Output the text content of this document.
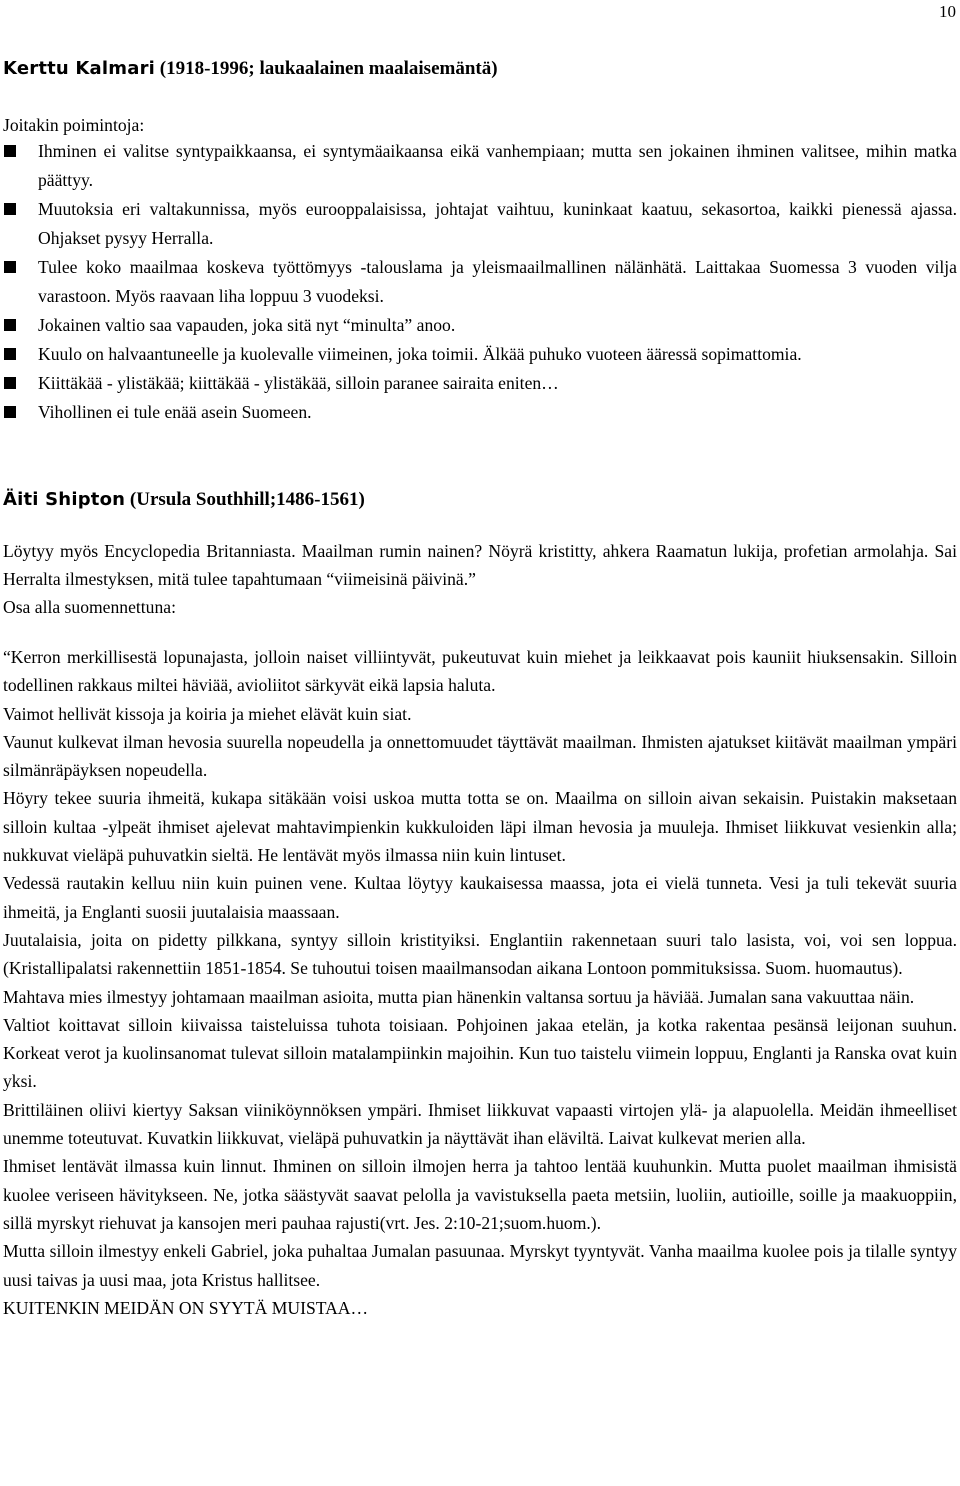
10
Kerttu Kalmari (1918-1996; laukaalainen maalaisemäntä)

Joitakin poimintoja:

Ihminen ei valitse syntypaikkaansa, ei syntymäaikaansa eikä vanhempiaan; mutta sen jokainen ihminen valitsee, mihin matka päättyy.
Muutoksia eri valtakunnissa, myös eurooppalaisissa, johtajat vaihtuu, kuninkaat kaatuu, sekasortoa, kaikki pienessä ajassa. Ohjakset pysyy Herralla.
Tulee koko maailmaa koskeva työttömyys -talouslama ja yleismaailmallinen nälänhätä. Laittakaa Suomessa 3 vuoden vilja varastoon. Myös raavaan liha loppuu 3 vuodeksi.
Jokainen valtio saa vapauden, joka sitä nyt “minulta” anoo.
Kuulo on halvaantuneelle ja kuolevalle viimeinen, joka toimii. Älkää puhuko vuoteen ääressä sopimattomia.
Kiittäkää - ylistäkää; kiittäkää - ylistäkää, silloin paranee sairaita eniten…
Vihollinen ei tule enää asein Suomeen.
Äiti Shipton (Ursula Southhill;1486-1561)

Löytyy myös Encyclopedia Britanniasta. Maailman rumin nainen? Nöyrä kristitty, ahkera Raamatun lukija, profetian armolahja. Sai Herralta ilmestyksen, mitä tulee tapahtumaan “viimeisinä päivinä.”

Osa alla suomennettuna:

“Kerron merkillisestä lopunajasta, jolloin naiset villiintyvät, pukeutuvat kuin miehet ja leikkaavat pois kauniit hiuksensakin. Silloin todellinen rakkaus miltei häviää, avioliitot särkyvät eikä lapsia haluta.

Vaimot hellivät kissoja ja koiria ja miehet elävät kuin siat.

Vaunut kulkevat ilman hevosia suurella nopeudella ja onnettomuudet täyttävät maailman. Ihmisten ajatukset kiitävät maailman ympäri silmänräpäyksen nopeudella.

Höyry tekee suuria ihmeitä, kukapa sitäkään voisi uskoa mutta totta se on. Maailma on silloin aivan sekaisin. Puistakin maksetaan silloin kultaa -ylpeät ihmiset ajelevat mahtavimpienkin kukkuloiden läpi ilman hevosia ja muuleja. Ihmiset liikkuvat vesienkin alla; nukkuvat vieläpä puhuvatkin sieltä. He lentävät myös ilmassa niin kuin lintuset.

Vedessä rautakin kelluu niin kuin puinen vene. Kultaa löytyy kaukaisessa maassa, jota ei vielä tunneta. Vesi ja tuli tekevät suuria ihmeitä, ja Englanti suosii juutalaisia maassaan.

Juutalaisia, joita on pidetty pilkkana, syntyy silloin kristityiksi. Englantiin rakennetaan suuri talo lasista, voi, voi sen loppua. (Kristallipalatsi rakennettiin 1851-1854. Se tuhoutui toisen maailmansodan aikana Lontoon pommituksissa. Suom. huomautus).

Mahtava mies ilmestyy johtamaan maailman asioita, mutta pian hänenkin valtansa sortuu ja häviää. Jumalan sana vakuuttaa näin.

Valtiot koittavat silloin kiivaissa taisteluissa tuhota toisiaan. Pohjoinen jakaa etelän, ja kotka rakentaa pesänsä leijonan suuhun. Korkeat verot ja kuolinsanomat tulevat silloin matalampiinkin majoihin. Kun tuo taistelu viimein loppuu, Englanti ja Ranska ovat kuin yksi.

Brittiläinen oliivi kiertyy Saksan viiniköynnöksen ympäri. Ihmiset liikkuvat vapaasti virtojen ylä- ja alapuolella. Meidän ihmeelliset unemme toteutuvat. Kuvatkin liikkuvat, vieläpä puhuvatkin ja näyttävät ihan eläviltä. Laivat kulkevat merien alla.

Ihmiset lentävät ilmassa kuin linnut. Ihminen on silloin ilmojen herra ja tahtoo lentää kuuhunkin. Mutta puolet maailman ihmisistä kuolee veriseen hävitykseen. Ne, jotka säästyvät saavat pelolla ja vavistuksella paeta metsiin, luoliin, autioille, soille ja maakuoppiin, sillä myrskyt riehuvat ja kansojen meri pauhaa rajusti(vrt. Jes. 2:10-21;suom.huom.).

Mutta silloin ilmestyy enkeli Gabriel, joka puhaltaa Jumalan pasuunaa. Myrskyt tyyntyvät. Vanha maailma kuolee pois ja tilalle syntyy uusi taivas ja uusi maa, jota Kristus hallitsee.

KUITENKIN MEIDÄN ON SYYTÄ MUISTAA…
